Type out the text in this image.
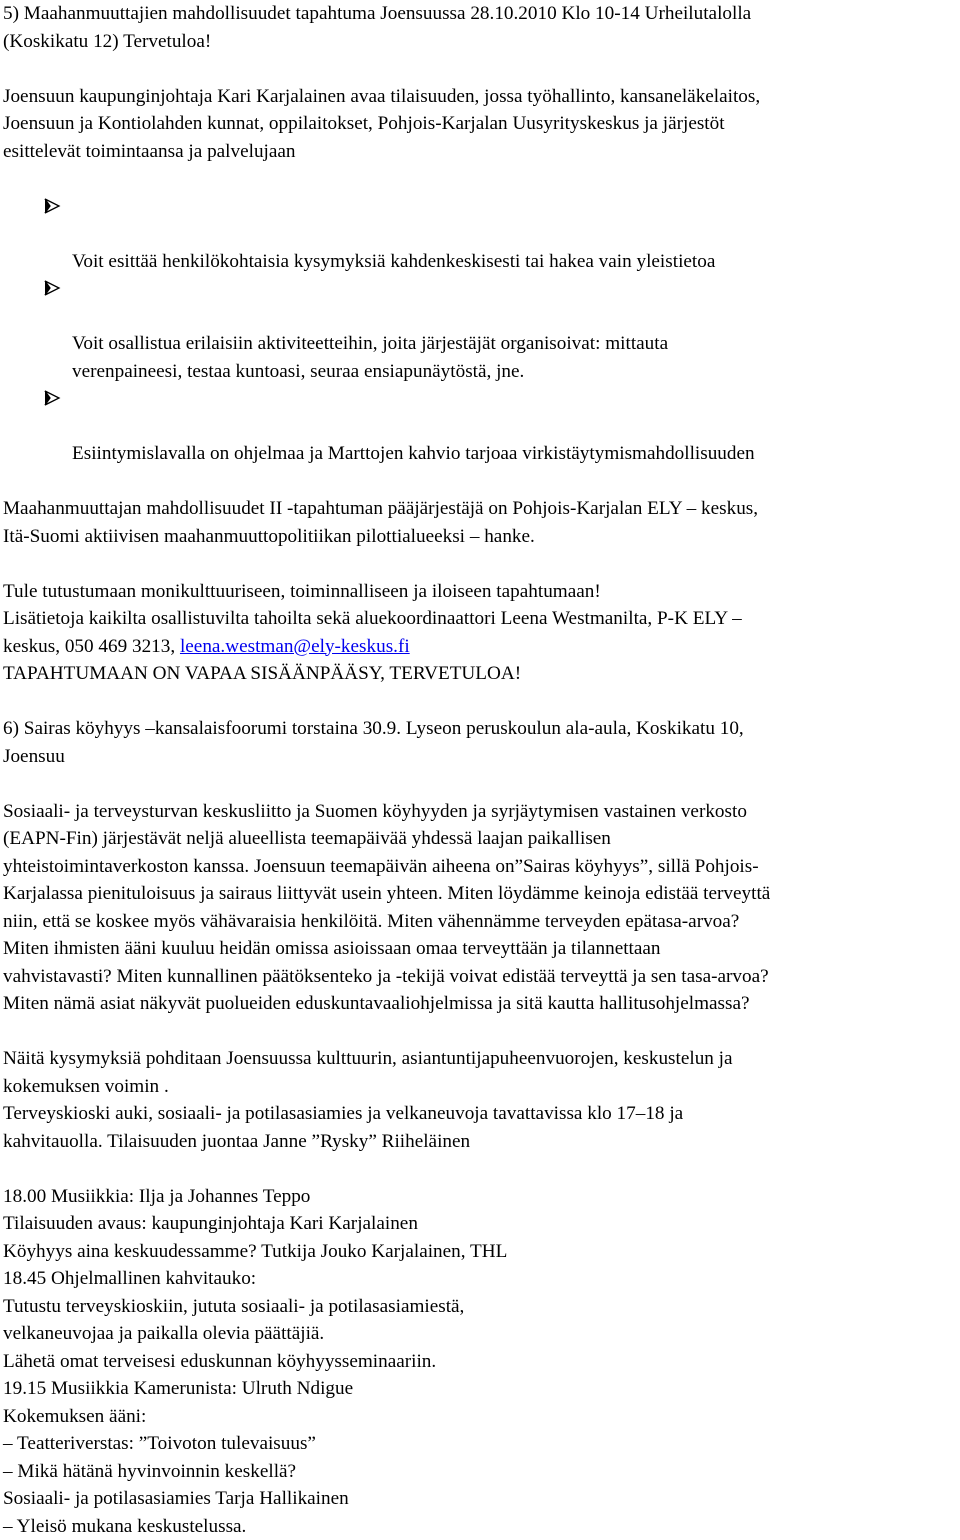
5) Maahanmuuttajien mahdollisuudet tapahtuma Joensuussa 28.10.2010 Klo 10-14 Urheilutalolla
(Koskikatu 12) Tervetuloa!

Joensuun kaupunginjohtaja Kari Karjalainen avaa tilaisuuden, jossa työhallinto, kansaneläkelaitos,
Joensuun ja Kontiolahden kunnat, oppilaitokset, Pohjois-Karjalan Uusyrityskeskus ja järjestöt
esittelevät toimintaansa ja palvelujaan

Voit esittää henkilökohtaisia kysymyksiä kahdenkeskisesti tai hakea vain yleistietoa

Voit osallistua erilaisiin aktiviteetteihin, joita järjestäjät organisoivat: mittauta
verenpaineesi, testaa kuntoasi, seuraa ensiapunäytöstä, jne.

Esiintymislavalla on ohjelmaa ja Marttojen kahvio tarjoaa virkistäytymismahdollisuuden

Maahanmuuttajan mahdollisuudet II -tapahtuman pääjärjestäjä on Pohjois-Karjalan ELY – keskus,
Itä-Suomi aktiivisen maahanmuuttopolitiikan pilottialueeksi – hanke.

Tule tutustumaan monikulttuuriseen, toiminnalliseen ja iloiseen tapahtumaan!

Lisätietoja kaikilta osallistuvilta tahoilta sekä aluekoordinaattori Leena Westmanilta, P-K ELY –
keskus, 050 469 3213, leena.westman@ely-keskus.fi

TAPAHTUMAAN ON VAPAA SISÄÄNPÄÄSY, TERVETULOA!

6) Sairas köyhyys –kansalaisfoorumi torstaina 30.9. Lyseon peruskoulun ala-aula, Koskikatu 10,
Joensuu

Sosiaali- ja terveysturvan keskusliitto ja Suomen köyhyyden ja syrjäytymisen vastainen verkosto
(EAPN-Fin) järjestävät neljä alueellista teemapäivää yhdessä laajan paikallisen
yhteistoimintaverkoston kanssa. Joensuun teemapäivän aiheena on”Sairas köyhyys”, sillä Pohjois-
Karjalassa pienituloisuus ja sairaus liittyvät usein yhteen. Miten löydämme keinoja edistää terveyttä
niin, että se koskee myös vähävaraisia henkilöitä. Miten vähennämme terveyden epätasa-arvoa?
Miten ihmisten ääni kuuluu heidän omissa asioissaan omaa terveyttään ja tilannettaan
vahvistavasti? Miten kunnallinen päätöksenteko ja -tekijä voivat edistää terveyttä ja sen tasa-arvoa?
Miten nämä asiat näkyvät puolueiden eduskuntavaaliohjelmissa ja sitä kautta hallitusohjelmassa?

Näitä kysymyksiä pohditaan Joensuussa kulttuurin, asiantuntijapuheenvuorojen, keskustelun ja
kokemuksen voimin .
Terveyskioski auki, sosiaali- ja potilasasiamies ja velkaneuvoja tavattavissa klo 17–18 ja
kahvitauolla. Tilaisuuden juontaa Janne ”Rysky” Riiheläinen

18.00 Musiikkia: Ilja ja Johannes Teppo
Tilaisuuden avaus: kaupunginjohtaja Kari Karjalainen
Köyhyys aina keskuudessamme? Tutkija Jouko Karjalainen, THL
18.45 Ohjelmallinen kahvitauko:
Tutustu terveyskioskiin, jututa sosiaali- ja potilasasiamiestä,
velkaneuvojaa ja paikalla olevia päättäjiä.
Lähetä omat terveisesi eduskunnan köyhyysseminaariin.
19.15 Musiikkia Kamerunista: Ulruth Ndigue
Kokemuksen ääni:
– Teatteriverstas: ”Toivoton tulevaisuus”
– Mikä hätänä hyvinvoinnin keskellä?
Sosiaali- ja potilasasiamies Tarja Hallikainen
– Yleisö mukana keskustelussa.
